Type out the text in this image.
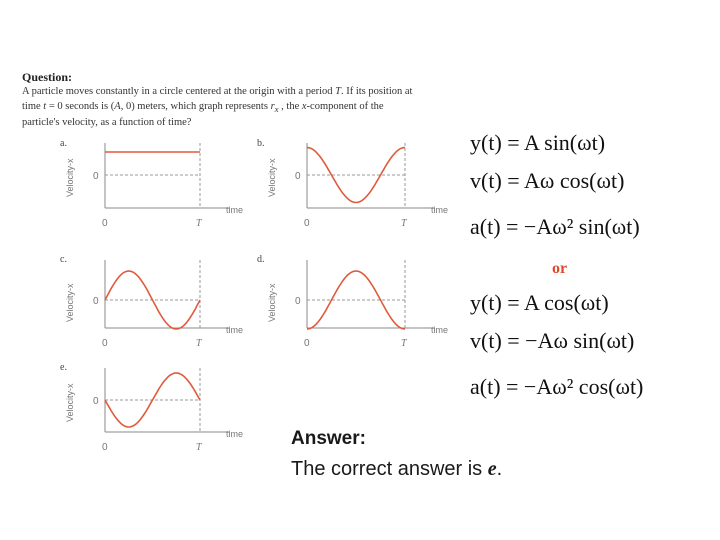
Question:
A particle moves constantly in a circle centered at the origin with a period T. If its position at
time t = 0 seconds is (A, 0) meters, which graph represents $r_x$ , the x-component of the
particle's velocity, as a function of time?
a.
Velocity-x 0
time
0	T
b.
Velocity-x 0
time
0	T
c.
Velocity-x 0
time
0	T
d.
Velocity-x 0
time
0	T
e.
Velocity-x 0
time
0	T
y(t) = A sin(ωt)
v(t) = Aω cos(ωt)
a(t) = −Aω² sin(ωt)
or
y(t) = A cos(ωt)
v(t) = −Aω sin(ωt)
a(t) = −Aω² cos(ωt)
Answer:
The correct answer is e.
